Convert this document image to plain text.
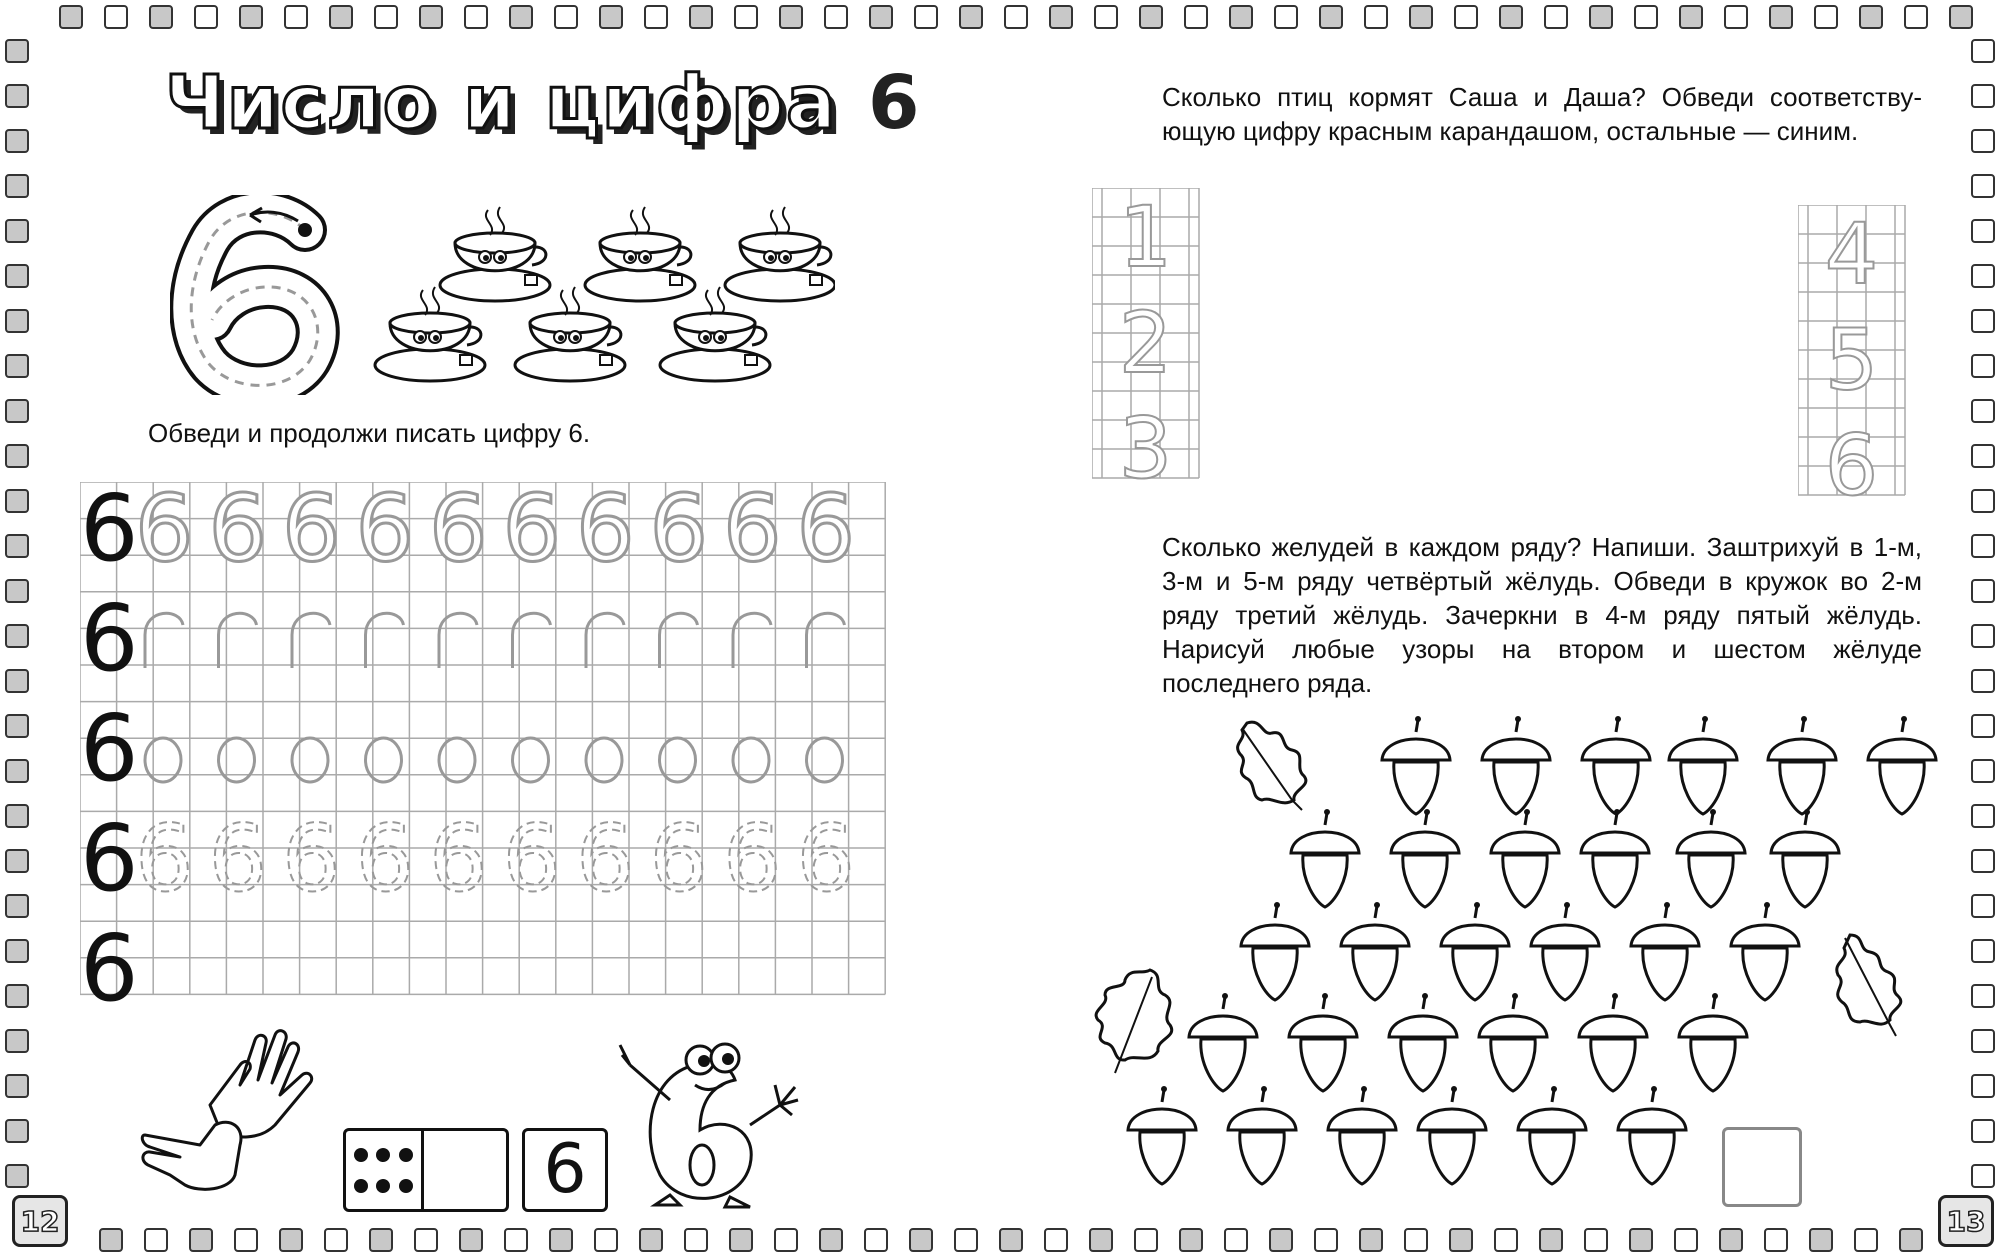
Число и цифра 6
Обведи и продолжи писать цифру 6.
6
6 6 6 6 6 6 6 6 6 6
6
6
6
6 6 6 6 6 6 6 6 6 6
6
6
12
Сколько птиц кормят Саша и Даша? Обведи соответствующую цифру красным карандашом, остальные — синим.
1
2
3
4
5
6
Сколько желудей в каждом ряду? Напиши. Заштрихуй в 1-м, 3-м и 5-м ряду четвёртый жёлудь. Обведи в кружок во 2-м ряду третий жёлудь. Зачеркни в 4-м ряду пятый жёлудь. Нарисуй любые узоры на втором и шестом жёлуде последнего ряда.
13
